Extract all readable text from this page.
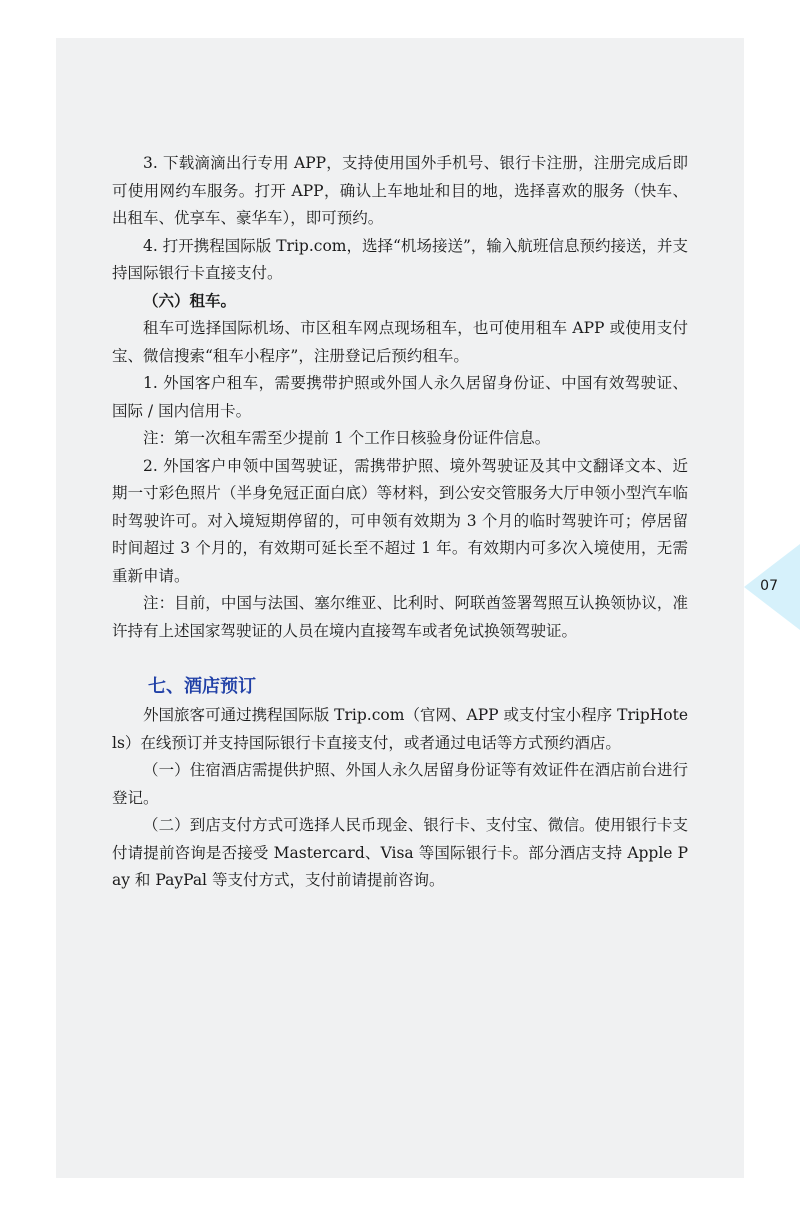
3. 下载滴滴出行专用 APP，支持使用国外手机号、银行卡注册，注册完成后即可使用网约车服务。打开 APP，确认上车地址和目的地，选择喜欢的服务（快车、出租车、优享车、豪华车），即可预约。

4. 打开携程国际版 Trip.com，选择“机场接送”，输入航班信息预约接送，并支持国际银行卡直接支付。

（六）租车。

租车可选择国际机场、市区租车网点现场租车，也可使用租车 APP 或使用支付宝、微信搜索“租车小程序”，注册登记后预约租车。

1. 外国客户租车，需要携带护照或外国人永久居留身份证、中国有效驾驶证、国际 / 国内信用卡。

注：第一次租车需至少提前 1 个工作日核验身份证件信息。

2. 外国客户申领中国驾驶证，需携带护照、境外驾驶证及其中文翻译文本、近期一寸彩色照片（半身免冠正面白底）等材料，到公安交管服务大厅申领小型汽车临时驾驶许可。对入境短期停留的，可申领有效期为 3 个月的临时驾驶许可；停居留时间超过 3 个月的，有效期可延长至不超过 1 年。有效期内可多次入境使用，无需重新申请。

注：目前，中国与法国、塞尔维亚、比利时、阿联酋签署驾照互认换领协议，准许持有上述国家驾驶证的人员在境内直接驾车或者免试换领驾驶证。

七、酒店预订

外国旅客可通过携程国际版 Trip.com（官网、APP 或支付宝小程序 TripHotels）在线预订并支持国际银行卡直接支付，或者通过电话等方式预约酒店。

（一）住宿酒店需提供护照、外国人永久居留身份证等有效证件在酒店前台进行登记。

（二）到店支付方式可选择人民币现金、银行卡、支付宝、微信。使用银行卡支付请提前咨询是否接受 Mastercard、Visa 等国际银行卡。部分酒店支持 Apple Pay 和 PayPal 等支付方式，支付前请提前咨询。

07
